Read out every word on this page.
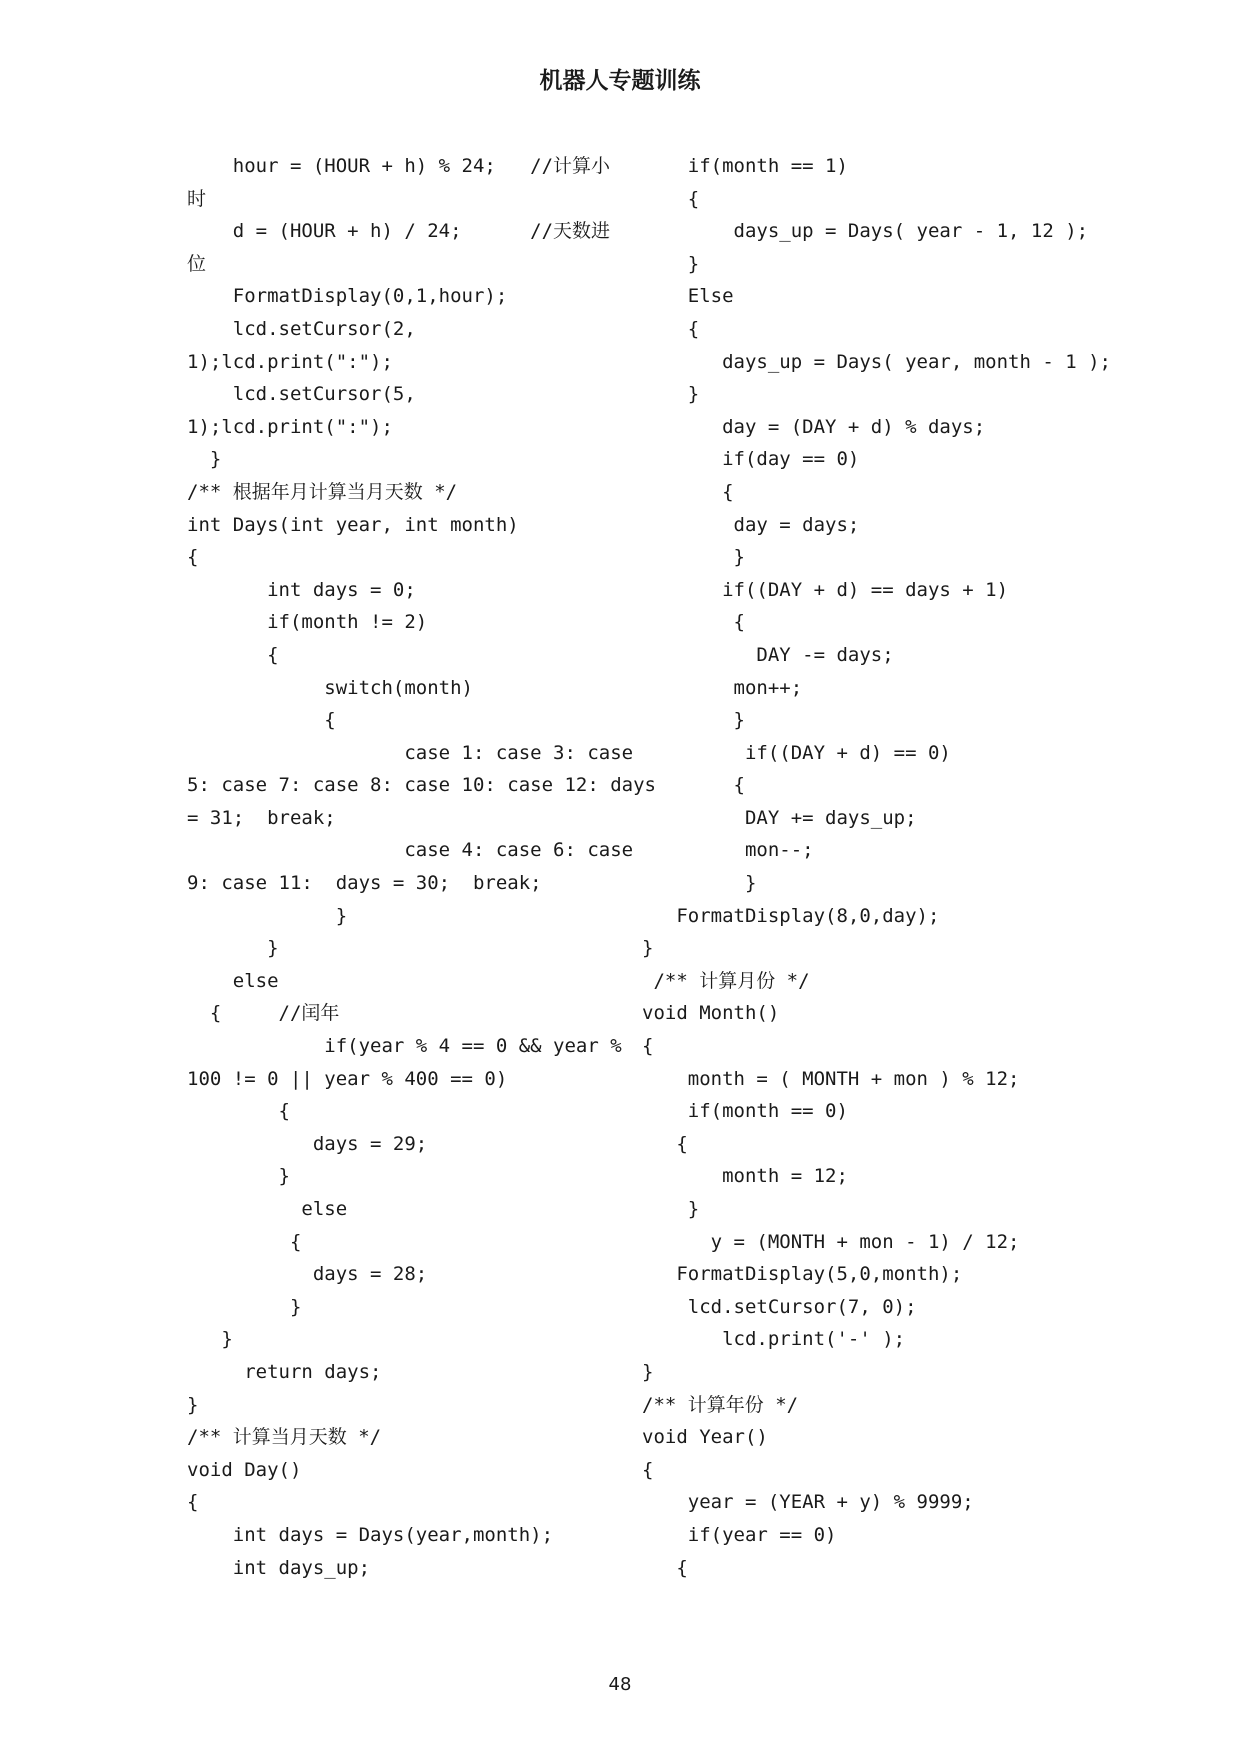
机器人专题训练
hour = (HOUR + h) % 24;   //计算小
时
d = (HOUR + h) / 24;      //天数进
位
FormatDisplay(0,1,hour);
lcd.setCursor(2,
1);lcd.print(":");
lcd.setCursor(5,
1);lcd.print(":");
}
/** 根据年月计算当月天数 */
int Days(int year, int month)
{
int days = 0;
if(month != 2)
{
switch(month)
{
case 1: case 3: case
5: case 7: case 8: case 10: case 12: days
= 31;  break;
case 4: case 6: case
9: case 11:  days = 30;  break;
}
}
else
{     //闰年
if(year % 4 == 0 && year %
100 != 0 || year % 400 == 0)
{
days = 29;
}
else
{
days = 28;
}
}
return days;
}
/** 计算当月天数 */
void Day()
{
int days = Days(year,month);
int days_up;
if(month == 1)
{
days_up = Days( year - 1, 12 );
}
Else
{
days_up = Days( year, month - 1 );
}
day = (DAY + d) % days;
if(day == 0)
{
day = days;
}
if((DAY + d) == days + 1)
{
DAY -= days;
mon++;
}
if((DAY + d) == 0)
{
DAY += days_up;
mon--;
}
FormatDisplay(8,0,day);
}
/** 计算月份 */
void Month()
{
month = ( MONTH + mon ) % 12;
if(month == 0)
{
month = 12;
}
y = (MONTH + mon - 1) / 12;
FormatDisplay(5,0,month);
lcd.setCursor(7, 0);
lcd.print('-' );
}
/** 计算年份 */
void Year()
{
year = (YEAR + y) % 9999;
if(year == 0)
{
48
